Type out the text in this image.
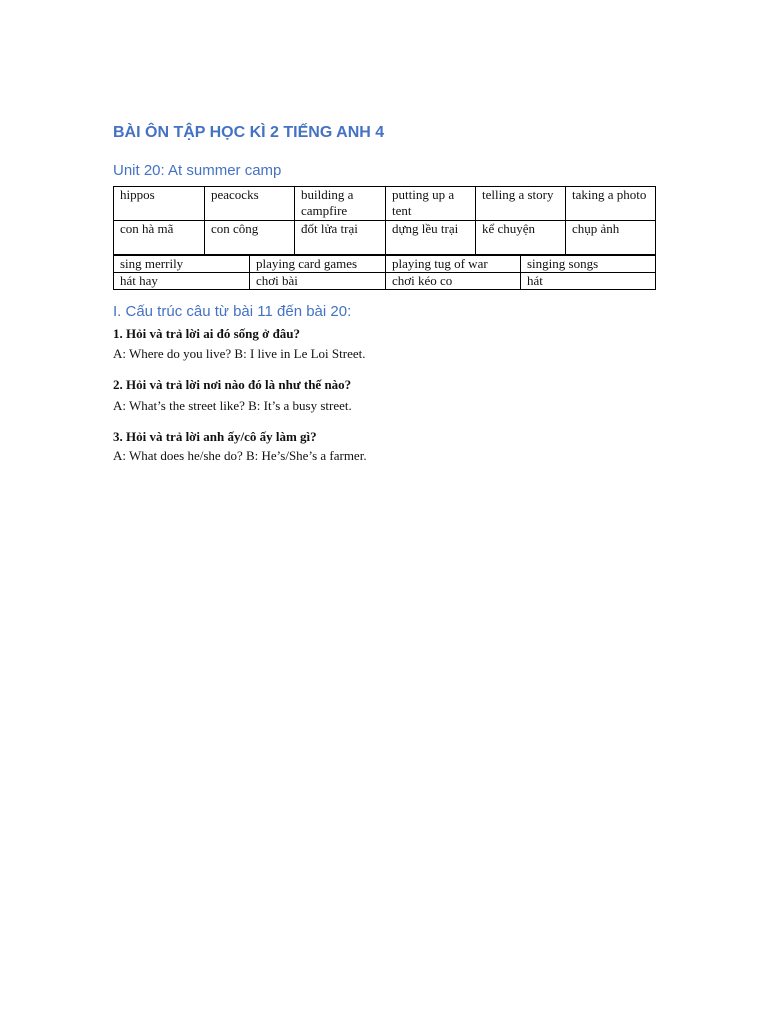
BÀI ÔN TẬP HỌC KÌ 2 TIẾNG ANH 4
Unit 20: At summer camp
hippos	peacocks	building a campfire	putting up a tent	telling a story	taking a photo
con hà mã	con công	đốt lửa trại	dựng lều trại	kể chuyện	chụp ảnh
sing merrily	playing card games	playing tug of war	singing songs
hát hay	chơi bài	chơi kéo co	hát
I. Cấu trúc câu từ bài 11 đến bài 20:
1. Hỏi và trả lời ai đó sống ở đâu?
A: Where do you live? B: I live in Le Loi Street.
2. Hỏi và trả lời nơi nào đó là như thế nào?
A: What’s the street like? B: It’s a busy street.
3. Hỏi và trả lời anh ấy/cô ấy làm gì?
A: What does he/she do? B: He’s/She’s a farmer.
